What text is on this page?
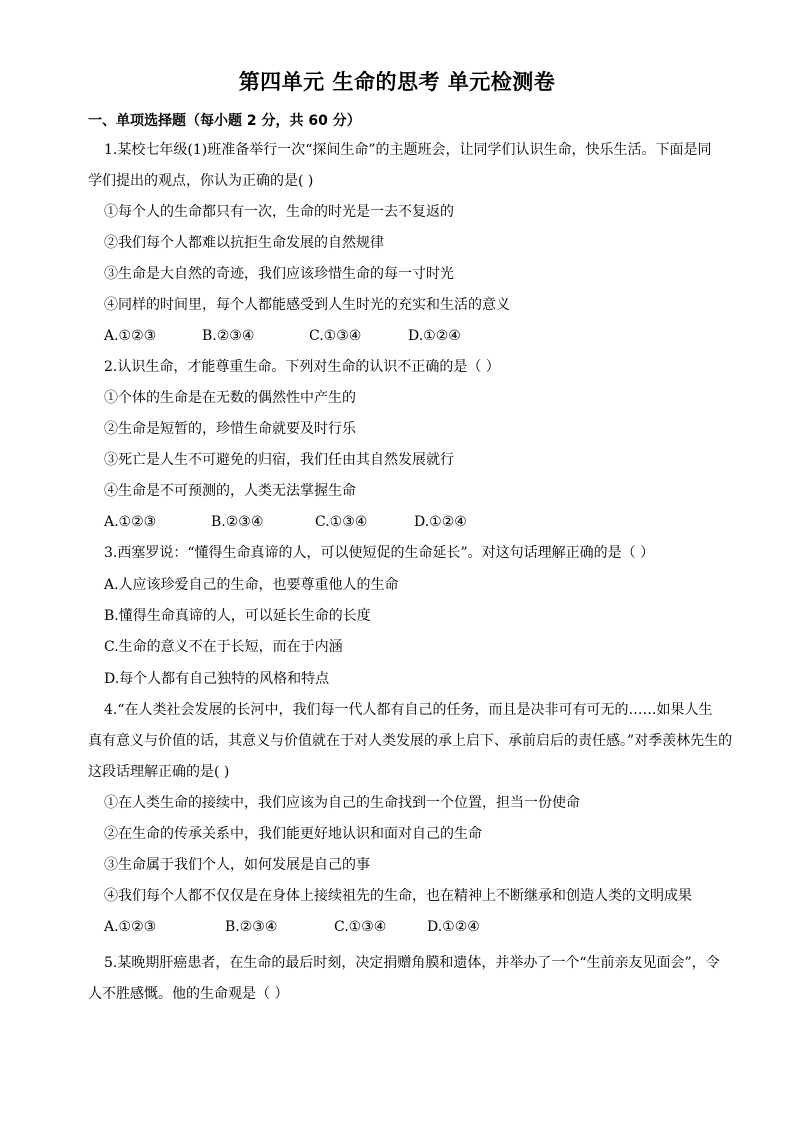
第四单元 生命的思考 单元检测卷
一、单项选择题（每小题 2 分，共 60 分）
1.某校七年级(1)班准备举行一次“探间生命”的主题班会，让同学们认识生命，快乐生活。下面是同
学们提出的观点，你认为正确的是( )
①每个人的生命都只有一次，生命的时光是一去不复返的
②我们每个人都难以抗拒生命发展的自然规律
③生命是大自然的奇迹，我们应该珍惜生命的每一寸时光
④同样的时间里，每个人都能感受到人生时光的充实和生活的意义
A.①②③	B.②③④	C.①③④	D.①②④
2.认识生命，才能尊重生命。下列对生命的认识不正确的是（ ）
①个体的生命是在无数的偶然性中产生的
②生命是短暂的，珍惜生命就要及时行乐
③死亡是人生不可避免的归宿，我们任由其自然发展就行
④生命是不可预测的，人类无法掌握生命
A.①②③	B.②③④	C.①③④	D.①②④
3.西塞罗说：“懂得生命真谛的人，可以使短促的生命延长”。对这句话理解正确的是（ ）
A.人应该珍爱自己的生命，也要尊重他人的生命
B.懂得生命真谛的人，可以延长生命的长度
C.生命的意义不在于长短，而在于内涵
D.每个人都有自己独特的风格和特点
4.“在人类社会发展的长河中，我们每一代人都有自己的任务，而且是决非可有可无的……如果人生
真有意义与价值的话，其意义与价值就在于对人类发展的承上启下、承前启后的责任感。”对季羡林先生的
这段话理解正确的是( )
①在人类生命的接续中，我们应该为自己的生命找到一个位置，担当一份使命
②在生命的传承关系中，我们能更好地认识和面对自己的生命
③生命属于我们个人，如何发展是自己的事
④我们每个人都不仅仅是在身体上接续祖先的生命，也在精神上不断继承和创造人类的文明成果
A.①②③	B.②③④	C.①③④	D.①②④
5.某晚期肝癌患者，在生命的最后时刻，决定捐赠角膜和遗体，并举办了一个“生前亲友见面会”，令
人不胜感慨。他的生命观是（ ）
